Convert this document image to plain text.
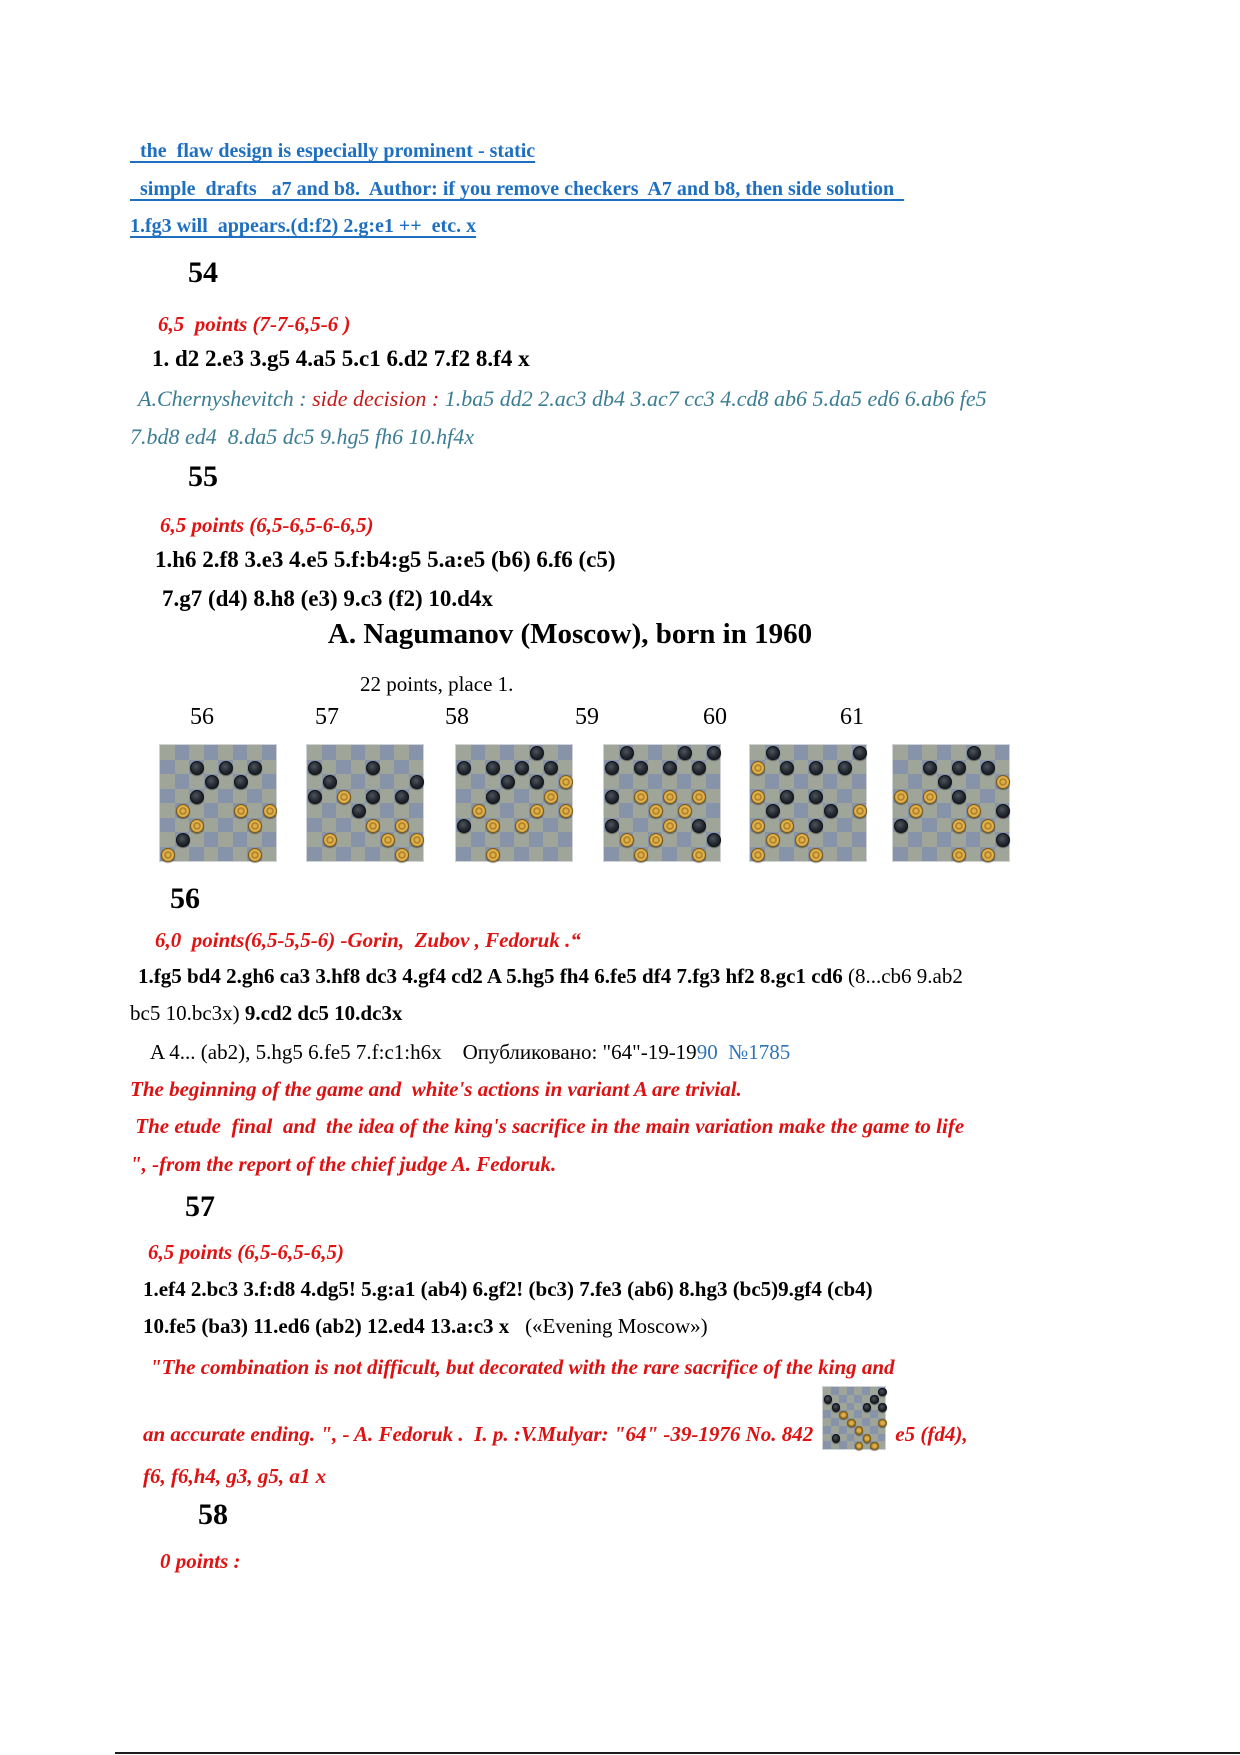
the  flaw design is especially prominent - static
simple  drafts   a7 and b8.  Author: if you remove checkers  A7 and b8, then side solution
1.fg3 will  appears.(d:f2) 2.g:e1 ++  etc. x
54
6,5  points (7-7-6,5-6 )
1. d2 2.e3 3.g5 4.a5 5.c1 6.d2 7.f2 8.f4 x
A.Chernyshevitch : side decision : 1.ba5 dd2 2.ac3 db4 3.ac7 cc3 4.cd8 ab6 5.da5 ed6 6.ab6 fe5
7.bd8 ed4  8.da5 dc5 9.hg5 fh6 10.hf4x
55
6,5 points (6,5-6,5-6-6,5)
1.h6 2.f8 3.e3 4.e5 5.f:b4:g5 5.a:e5 (b6) 6.f6 (c5)
7.g7 (d4) 8.h8 (e3) 9.c3 (f2) 10.d4x
A. Nagumanov (Moscow), born in 1960
22 points, place 1.
56	57	58	59	60	61
56
6,0  points(6,5-5,5-6) -Gorin,  Zubov , Fedoruk .“
1.fg5 bd4 2.gh6 ca3 3.hf8 dc3 4.gf4 cd2 A 5.hg5 fh4 6.fe5 df4 7.fg3 hf2 8.gc1 cd6 (8...cb6 9.ab2
bc5 10.bc3x) 9.cd2 dc5 10.dc3x
A 4... (ab2), 5.hg5 6.fe5 7.f:c1:h6x    Опубликовано: "64"-19-1990  №1785
The beginning of the game and  white's actions in variant A are trivial.
The etude  final  and  the idea of the king's sacrifice in the main variation make the game to life
", -from the report of the chief judge A. Fedoruk.
57
6,5 points (6,5-6,5-6,5)
1.ef4 2.bc3 3.f:d8 4.dg5! 5.g:a1 (ab4) 6.gf2! (bc3) 7.fe3 (ab6) 8.hg3 (bc5)9.gf4 (cb4)
10.fe5 (ba3) 11.ed6 (ab2) 12.ed4 13.a:c3 x   («Evening Moscow»)
"The combination is not difficult, but decorated with the rare sacrifice of the king and
an accurate ending. ", - A. Fedoruk .  I. p. :V.Mulyar: "64" -39-1976 No. 842	e5 (fd4),
f6, f6,h4, g3, g5, a1 x
58
0 points :
